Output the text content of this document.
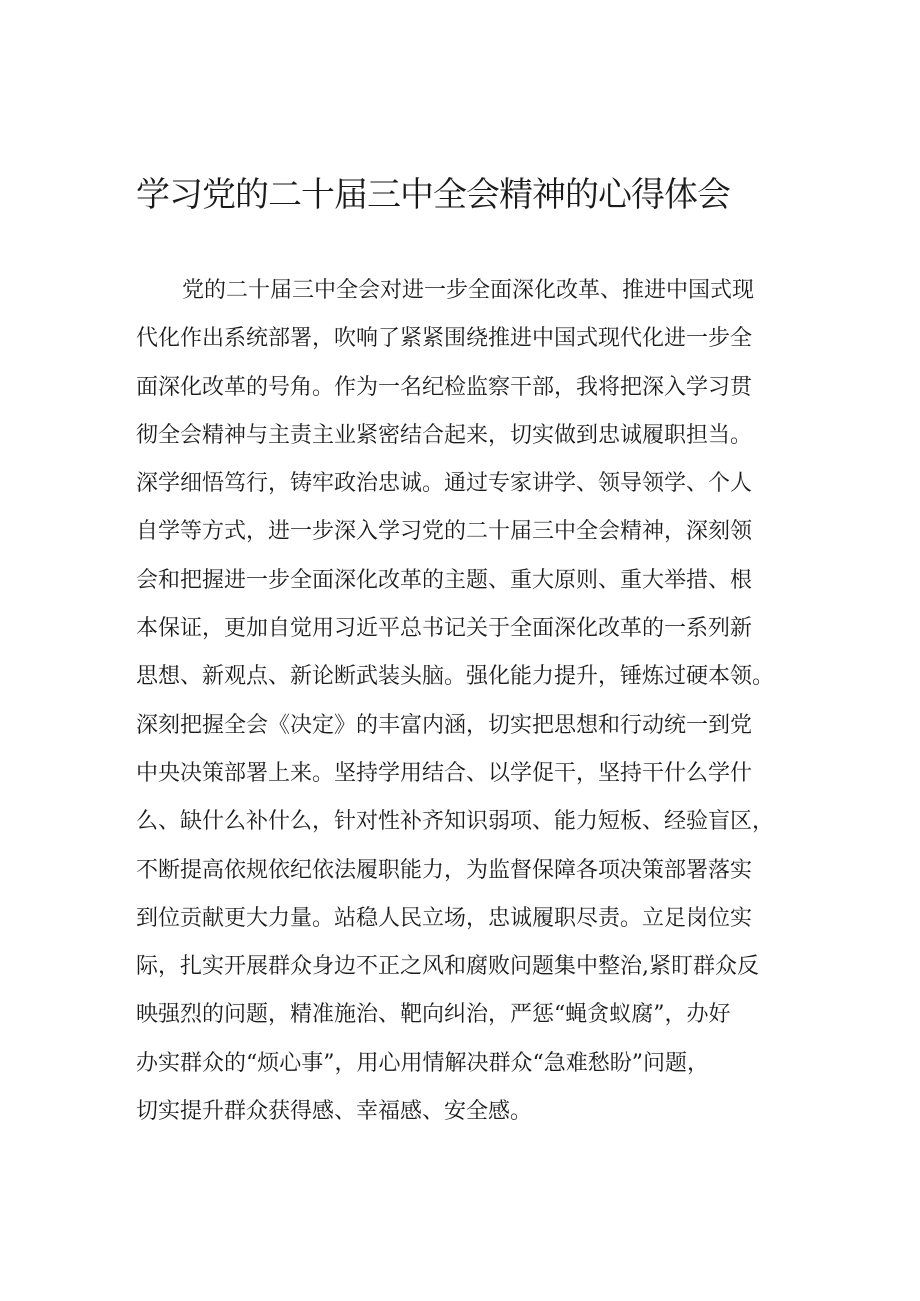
学习党的二十届三中全会精神的心得体会
党的二十届三中全会对进一步全面深化改革、推进中国式现
代化作出系统部署，吹响了紧紧围绕推进中国式现代化进一步全
面深化改革的号角。作为一名纪检监察干部，我将把深入学习贯
彻全会精神与主责主业紧密结合起来，切实做到忠诚履职担当。
深学细悟笃行，铸牢政治忠诚。通过专家讲学、领导领学、个人
自学等方式，进一步深入学习党的二十届三中全会精神，深刻领
会和把握进一步全面深化改革的主题、重大原则、重大举措、根
本保证，更加自觉用习近平总书记关于全面深化改革的一系列新
思想、新观点、新论断武装头脑。强化能力提升，锤炼过硬本领。
深刻把握全会《决定》的丰富内涵，切实把思想和行动统一到党
中央决策部署上来。坚持学用结合、以学促干，坚持干什么学什
么、缺什么补什么，针对性补齐知识弱项、能力短板、经验盲区，
不断提高依规依纪依法履职能力，为监督保障各项决策部署落实
到位贡献更大力量。站稳人民立场，忠诚履职尽责。立足岗位实
际，扎实开展群众身边不正之风和腐败问题集中整治,紧盯群众反
映强烈的问题，精准施治、靶向纠治，严惩“蝇贪蚁腐”，办好
办实群众的“烦心事”，用心用情解决群众“急难愁盼”问题，
切实提升群众获得感、幸福感、安全感。
